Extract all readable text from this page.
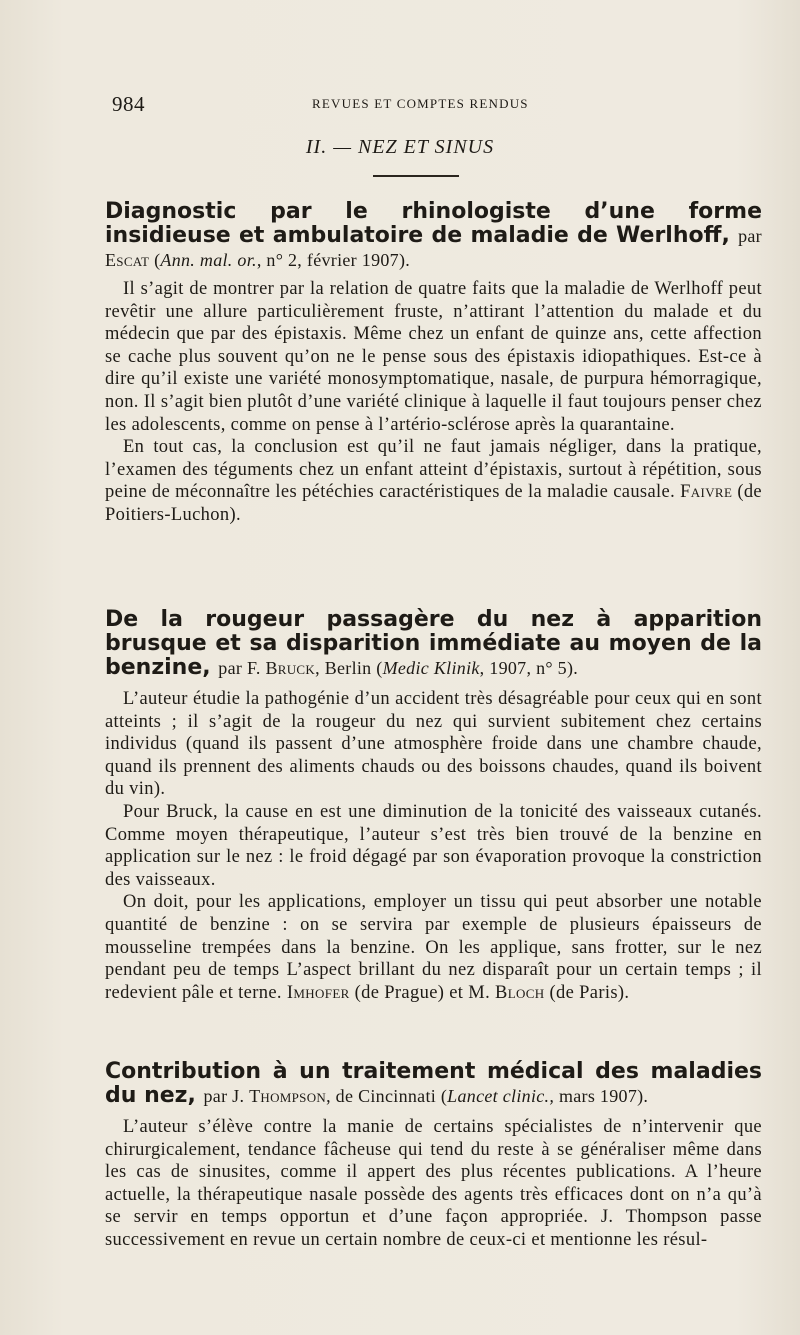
984	REVUES ET COMPTES RENDUS
II. — NEZ ET SINUS

Diagnostic par le rhinologiste d’une forme insidieuse et ambulatoire de maladie de Werlhoff, par Escat (Ann. mal. or., n° 2, février 1907).

Il s’agit de montrer par la relation de quatre faits que la maladie de Werlhoff peut revêtir une allure particulièrement fruste, n’attirant l’attention du malade et du médecin que par des épistaxis. Même chez un enfant de quinze ans, cette affection se cache plus souvent qu’on ne le pense sous des épistaxis idiopathiques. Est-ce à dire qu’il existe une variété monosymptomatique, nasale, de purpura hémorragique, non. Il s’agit bien plutôt d’une variété clinique à laquelle il faut toujours penser chez les adolescents, comme on pense à l’artério-sclérose après la quarantaine.

En tout cas, la conclusion est qu’il ne faut jamais négliger, dans la pratique, l’examen des téguments chez un enfant atteint d’épistaxis, surtout à répétition, sous peine de méconnaître les pétéchies caractéristiques de la maladie causale. Faivre (de Poitiers-Luchon).

De la rougeur passagère du nez à apparition brusque et sa disparition immédiate au moyen de la benzine, par F. Bruck, Berlin (Medic Klinik, 1907, n° 5).

L’auteur étudie la pathogénie d’un accident très désagréable pour ceux qui en sont atteints ; il s’agit de la rougeur du nez qui survient subitement chez certains individus (quand ils passent d’une atmosphère froide dans une chambre chaude, quand ils prennent des aliments chauds ou des boissons chaudes, quand ils boivent du vin).

Pour Bruck, la cause en est une diminution de la tonicité des vaisseaux cutanés. Comme moyen thérapeutique, l’auteur s’est très bien trouvé de la benzine en application sur le nez : le froid dégagé par son évaporation provoque la constriction des vaisseaux.

On doit, pour les applications, employer un tissu qui peut absorber une notable quantité de benzine : on se servira par exemple de plusieurs épaisseurs de mousseline trempées dans la benzine. On les applique, sans frotter, sur le nez pendant peu de temps L’aspect brillant du nez disparaît pour un certain temps ; il redevient pâle et terne. Imhofer (de Prague) et M. Bloch (de Paris).

Contribution à un traitement médical des maladies du nez, par J. Thompson, de Cincinnati (Lancet clinic., mars 1907).

L’auteur s’élève contre la manie de certains spécialistes de n’intervenir que chirurgicalement, tendance fâcheuse qui tend du reste à se généraliser même dans les cas de sinusites, comme il appert des plus récentes publications. A l’heure actuelle, la thérapeutique nasale possède des agents très efficaces dont on n’a qu’à se servir en temps opportun et d’une façon appropriée. J. Thompson passe successivement en revue un certain nombre de ceux-ci et mentionne les résul-
